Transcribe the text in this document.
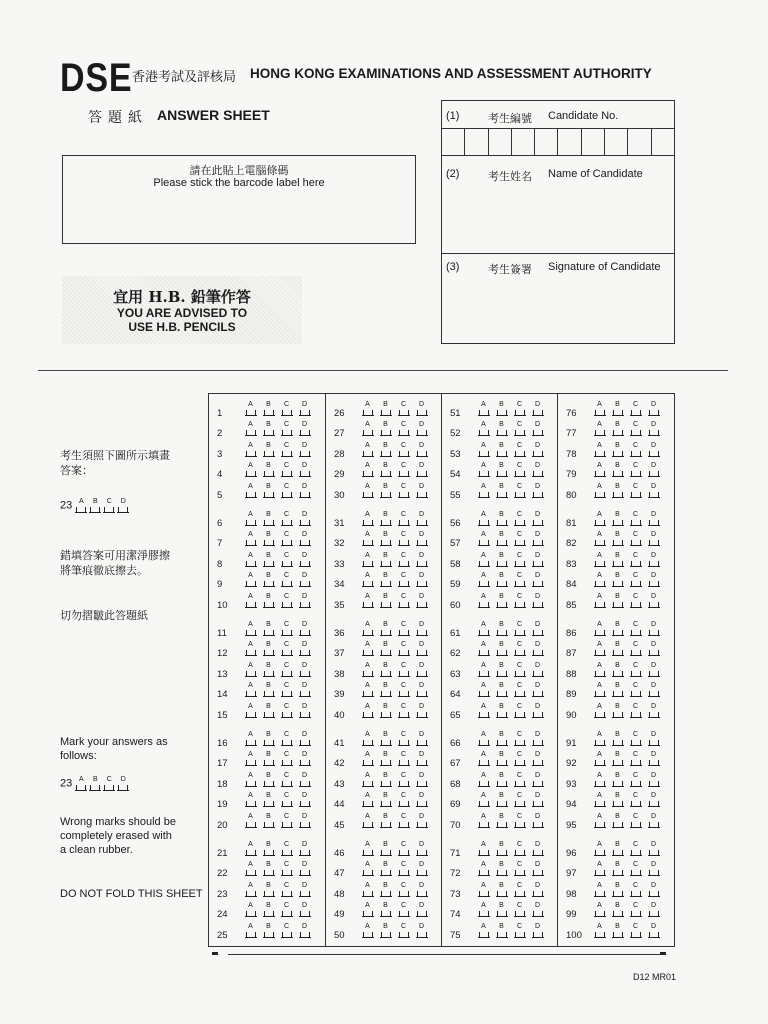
DSE 香港考試及評核局 HONG KONG EXAMINATIONS AND ASSESSMENT AUTHORITY
答題紙 ANSWER SHEET
請在此貼上電腦條碼
Please stick the barcode label here
宜用 H.B. 鉛筆作答
YOU ARE ADVISED TO
USE H.B. PENCILS
(1)	考生編號 Candidate No.
(2)	考生姓名 Name of Candidate
(3)	考生簽署 Signature of Candidate
考生須照下圖所示填畫
答案：
23 A B C D
錯填答案可用潔淨膠擦
將筆痕徹底擦去。
切勿摺皺此答題紙
Mark your answers as
follows:
23 A B C D
Wrong marks should be
completely erased with
a clean rubber.
DO NOT FOLD THIS SHEET
1
A B C D
2
A B C D
3
A B C D
4
A B C D
5
A B C D
6
A B C D
7
A B C D
8
A B C D
9
A B C D
10
A B C D
11
A B C D
12
A B C D
13
A B C D
14
A B C D
15
A B C D
16
A B C D
17
A B C D
18
A B C D
19
A B C D
20
A B C D
21
A B C D
22
A B C D
23
A B C D
24
A B C D
25
A B C D
26
A B C D
27
A B C D
28
A B C D
29
A B C D
30
A B C D
31
A B C D
32
A B C D
33
A B C D
34
A B C D
35
A B C D
36
A B C D
37
A B C D
38
A B C D
39
A B C D
40
A B C D
41
A B C D
42
A B C D
43
A B C D
44
A B C D
45
A B C D
46
A B C D
47
A B C D
48
A B C D
49
A B C D
50
A B C D
51
A B C D
52
A B C D
53
A B C D
54
A B C D
55
A B C D
56
A B C D
57
A B C D
58
A B C D
59
A B C D
60
A B C D
61
A B C D
62
A B C D
63
A B C D
64
A B C D
65
A B C D
66
A B C D
67
A B C D
68
A B C D
69
A B C D
70
A B C D
71
A B C D
72
A B C D
73
A B C D
74
A B C D
75
A B C D
76
A B C D
77
A B C D
78
A B C D
79
A B C D
80
A B C D
81
A B C D
82
A B C D
83
A B C D
84
A B C D
85
A B C D
86
A B C D
87
A B C D
88
A B C D
89
A B C D
90
A B C D
91
A B C D
92
A B C D
93
A B C D
94
A B C D
95
A B C D
96
A B C D
97
A B C D
98
A B C D
99
A B C D
100
A B C D
D12 MR01
